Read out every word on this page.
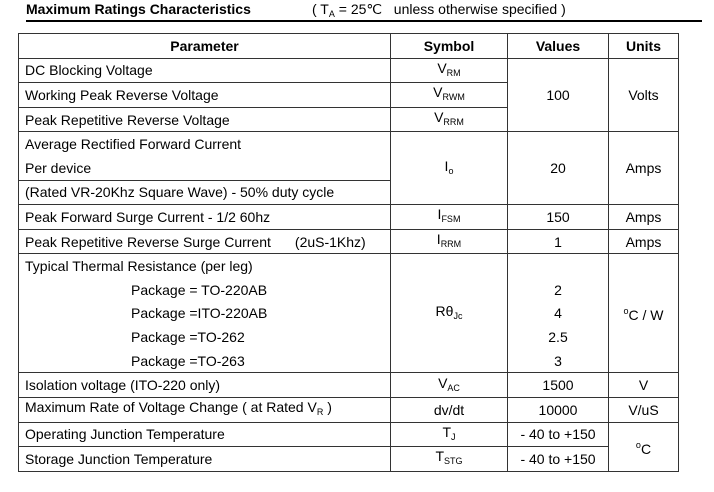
Maximum Ratings Characteristics	( $T_A$ = 25℃   unless otherwise specified )
Parameter	Symbol	Values	Units
DC Blocking Voltage	$V_{RM}$	100	Volts
Working Peak Reverse Voltage	$V_{RWM}$
Peak Repetitive Reverse Voltage	$V_{RRM}$
Average Rectified Forward Current	$I_o$	20	Amps
Per device			
(Rated VR-20Khz Square Wave) - 50% duty cycle			
Peak Forward Surge Current - 1/2 60hz	$I_{FSM}$	150	Amps
Peak Repetitive Reverse Surge Current (2uS-1Khz)	$I_{RRM}$	1	Amps
Typical Thermal Resistance (per leg)	$R\theta_{Jc}$		$^o$C / W
Package = TO-220AB		2	
Package =ITO-220AB		4	
Package =TO-262		2.5	
Package =TO-263		3	
Isolation voltage (ITO-220 only)	$V_{AC}$	1500	V
Maximum Rate of Voltage Change ( at Rated $V_R$ )	dv/dt	10000	V/uS
Operating Junction Temperature	$T_J$	- 40 to +150	$^o$C
Storage Junction Temperature	$T_{STG}$	- 40 to +150	
